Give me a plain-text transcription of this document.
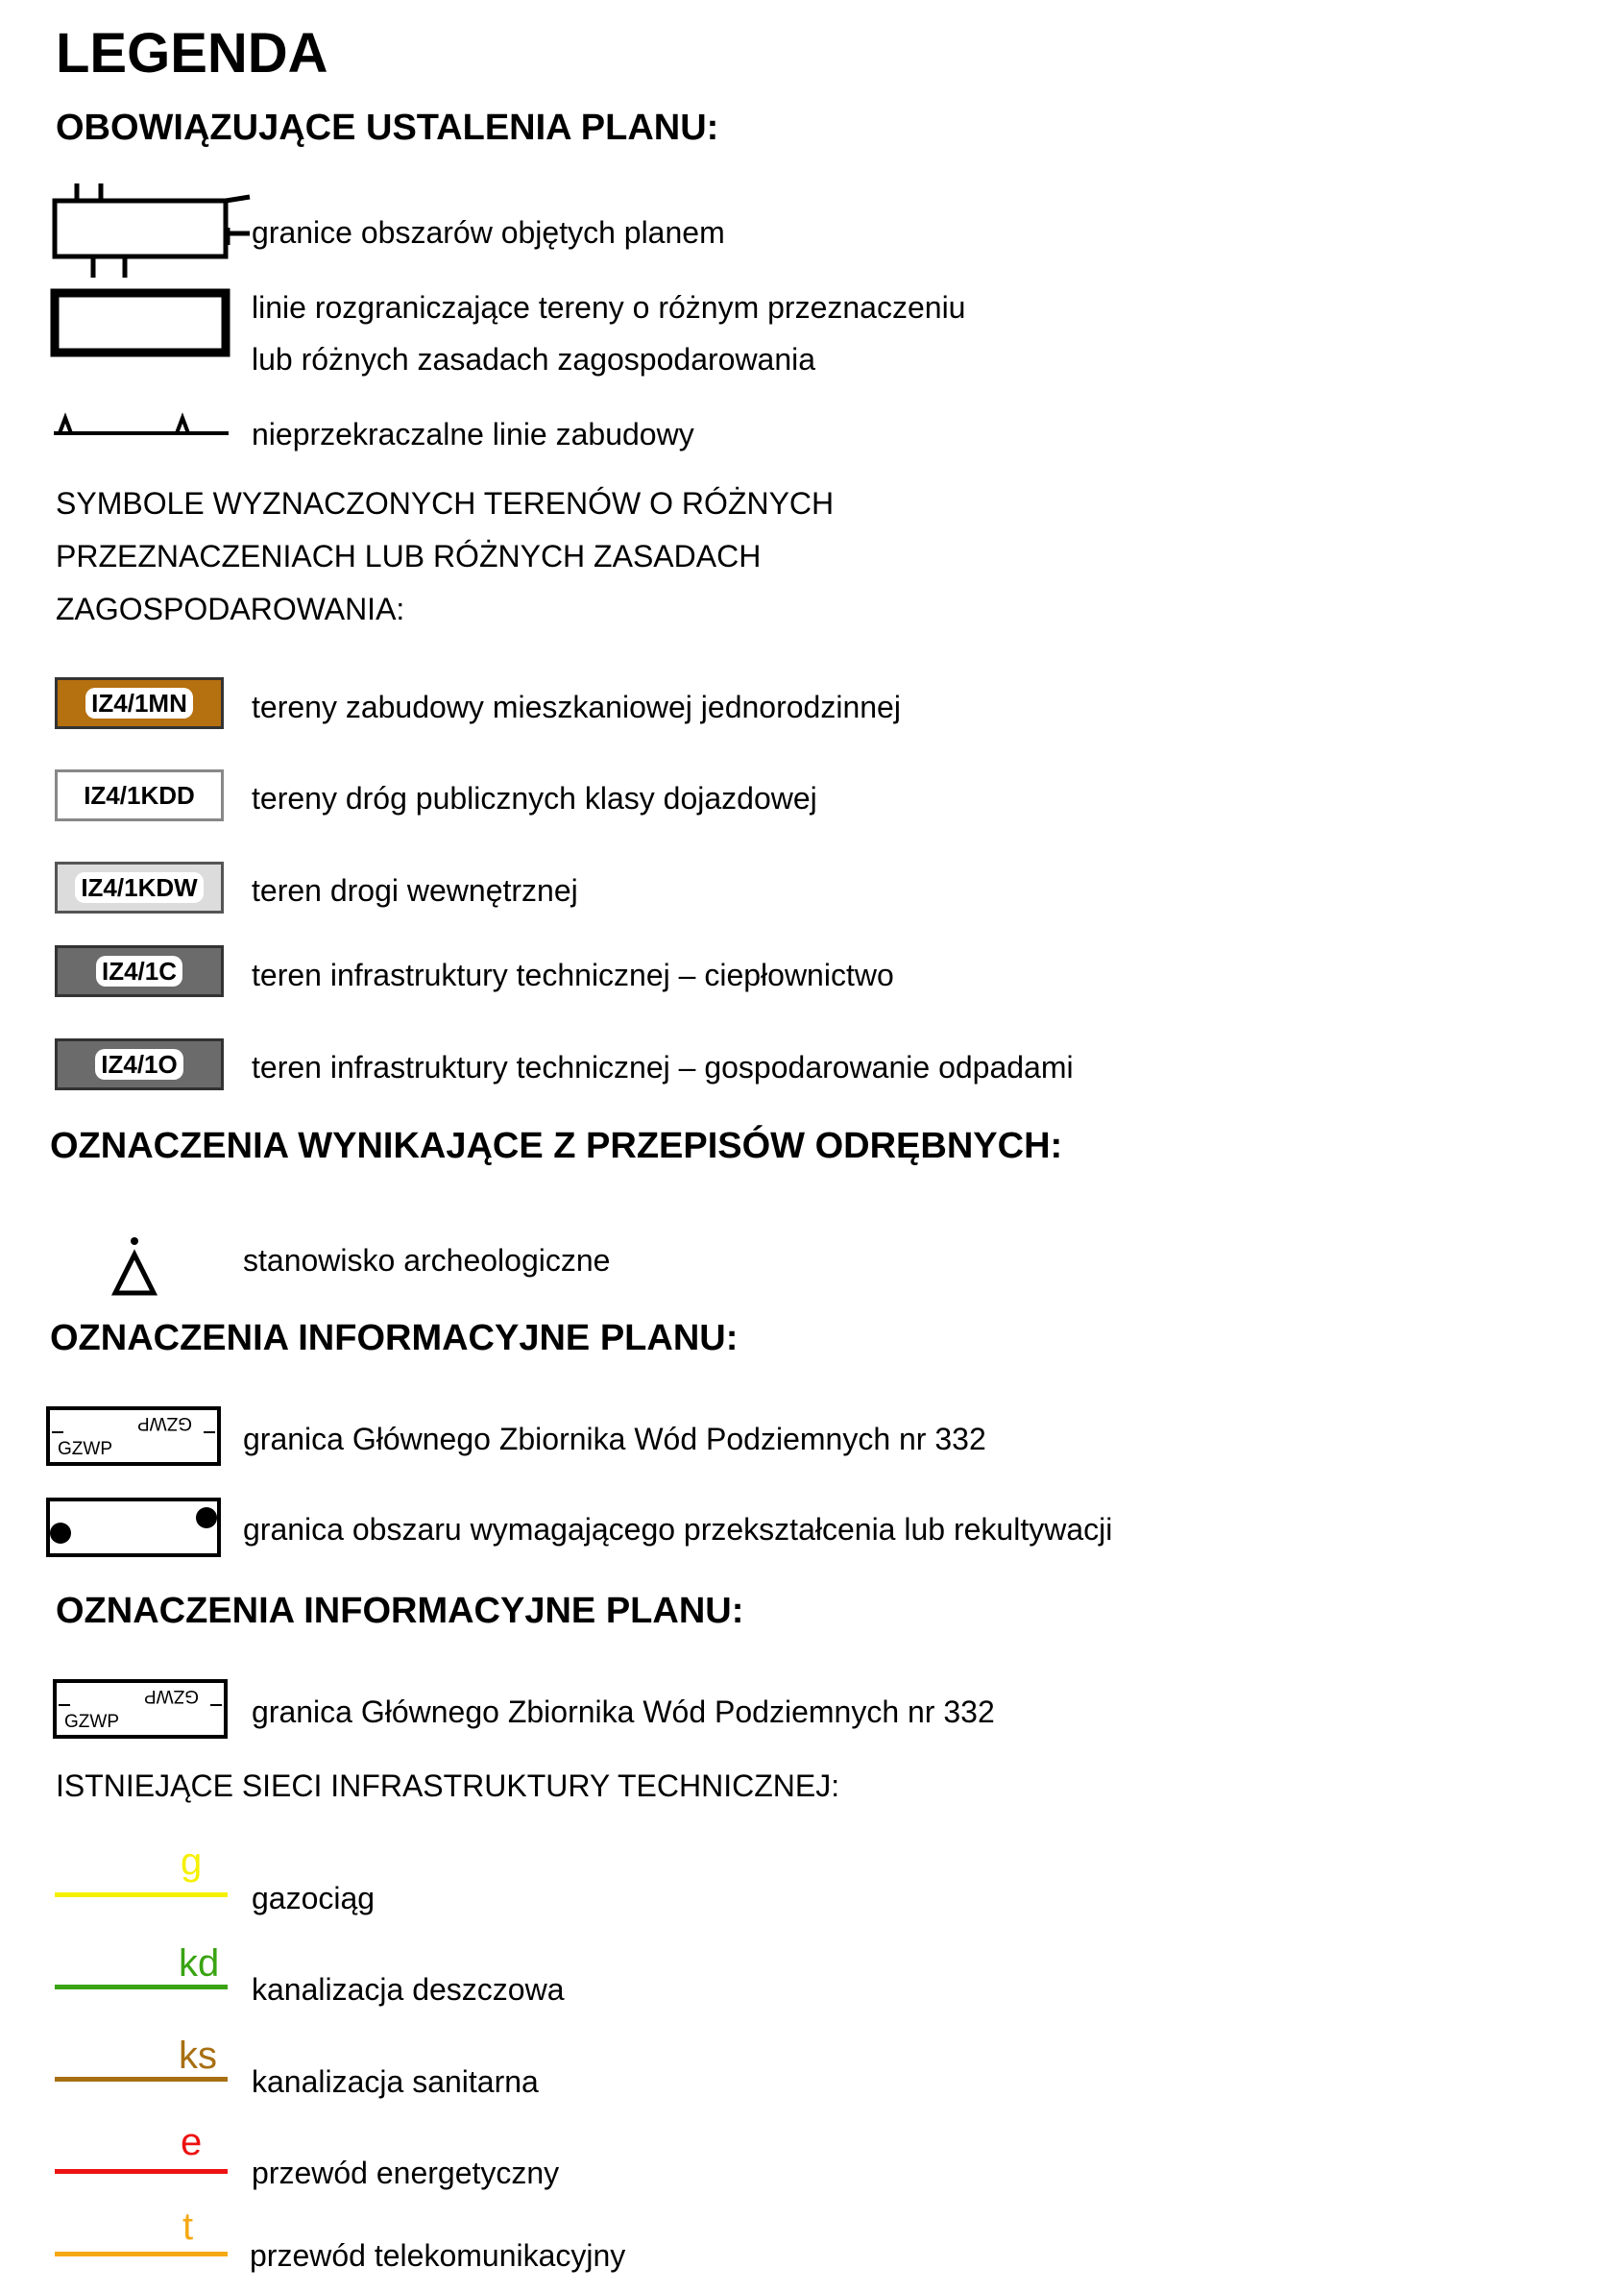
LEGENDA
OBOWIĄZUJĄCE USTALENIA PLANU:
granice obszarów objętych planem
linie rozgraniczające tereny o różnym przeznaczeniu
lub różnych zasadach zagospodarowania
nieprzekraczalne linie zabudowy
SYMBOLE WYZNACZONYCH TERENÓW O RÓŻNYCH
PRZEZNACZENIACH LUB RÓŻNYCH ZASADACH
ZAGOSPODAROWANIA:
IZ4/1MN tereny zabudowy mieszkaniowej jednorodzinnej
IZ4/1KDD tereny dróg publicznych klasy dojazdowej
IZ4/1KDW teren drogi wewnętrznej
IZ4/1C teren infrastruktury technicznej – ciepłownictwo
IZ4/1O teren infrastruktury technicznej – gospodarowanie odpadami
OZNACZENIA WYNIKAJĄCE Z PRZEPISÓW ODRĘBNYCH:
stanowisko archeologiczne
OZNACZENIA INFORMACYJNE PLANU:
GZWP
GZWP	granica Głównego Zbiornika Wód Podziemnych nr 332
granica obszaru wymagającego przekształcenia lub rekultywacji
OZNACZENIA INFORMACYJNE PLANU:
GZWP
GZWP	granica Głównego Zbiornika Wód Podziemnych nr 332
ISTNIEJĄCE SIECI INFRASTRUKTURY TECHNICZNEJ:
g
gazociąg
kd
kanalizacja deszczowa
ks
kanalizacja sanitarna
e
przewód energetyczny
t
przewód telekomunikacyjny
